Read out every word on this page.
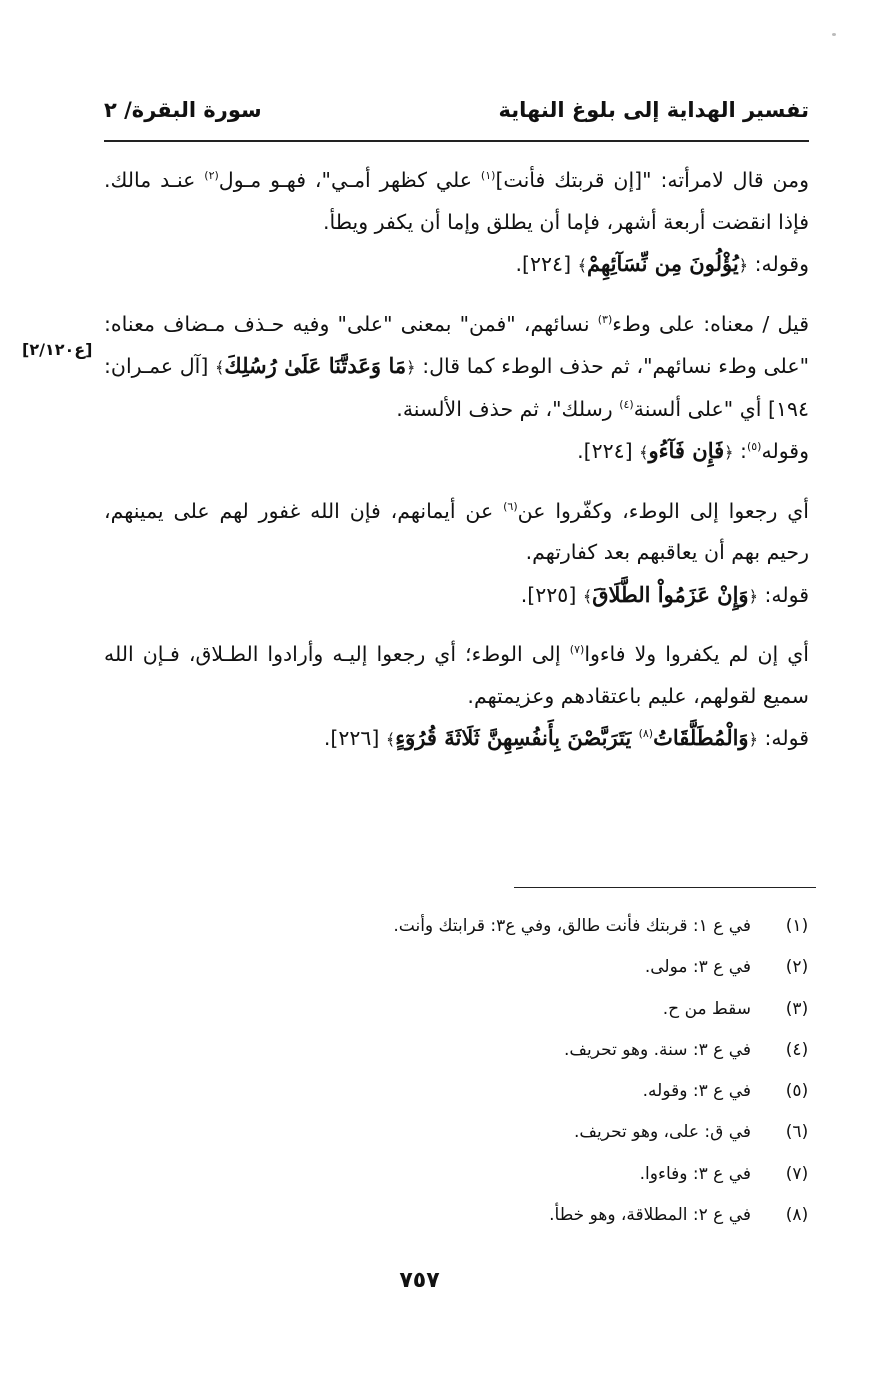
تفسير الهداية إلى بلوغ النهاية
سورة البقرة/ ٢
[ع٢/١٢٠]

ومن قال لامرأته: "[إن قربتك فأنت]$^{(١)}$ علي كظهر أمـي"، فهـو مـول$^{(٢)}$ عنـد مالك. فإذا انقضت أربعة أشهر، فإما أن يطلق وإما أن يكفر ويطأ.

وقوله: ﴿يُؤْلُونَ مِن نِّسَآئِهِمْ﴾ [٢٢٤].

قيل / معناه: على وطء$^{(٣)}$ نسائهم، "فمن" بمعنى "على" وفيه حـذف مـضاف معناه: "على وطء نسائهم"، ثم حذف الوطء كما قال: ﴿مَا وَعَدتَّنَا عَلَىٰ رُسُلِكَ﴾ [آل عمـران: ١٩٤] أي "على ألسنة$^{(٤)}$ رسلك"، ثم حذف الألسنة.

وقوله$^{(٥)}$: ﴿فَإِن فَآءُو﴾ [٢٢٤].

أي رجعوا إلى الوطء، وكفّروا عن$^{(٦)}$ عن أيمانهم، فإن الله غفور لهم على يمينهم، رحيم بهم أن يعاقبهم بعد كفارتهم.

قوله: ﴿وَإِنْ عَزَمُواْ الطَّلَاقَ﴾ [٢٢٥].

أي إن لم يكفروا ولا فاءوا$^{(٧)}$ إلى الوطء؛ أي رجعوا إليـه وأرادوا الطـلاق، فـإن الله سميع لقولهم، عليم باعتقادهم وعزيمتهم.

قوله: ﴿وَالْمُطَلَّقَاتُ$^{(٨)}$ يَتَرَبَّصْنَ بِأَنفُسِهِنَّ ثَلَاثَةَ قُرُوٓءٍ﴾ [٢٢٦].

(١)
في ع ١: قربتك فأنت طالق، وفي ع٣: قرابتك وأنت.
(٢)
في ع ٣: مولى.
(٣)
سقط من ح.
(٤)
في ع ٣: سنة. وهو تحريف.
(٥)
في ع ٣: وقوله.
(٦)
في ق: على، وهو تحريف.
(٧)
في ع ٣: وفاءوا.
(٨)
في ع ٢: المطلاقة، وهو خطأ.
٧٥٧
